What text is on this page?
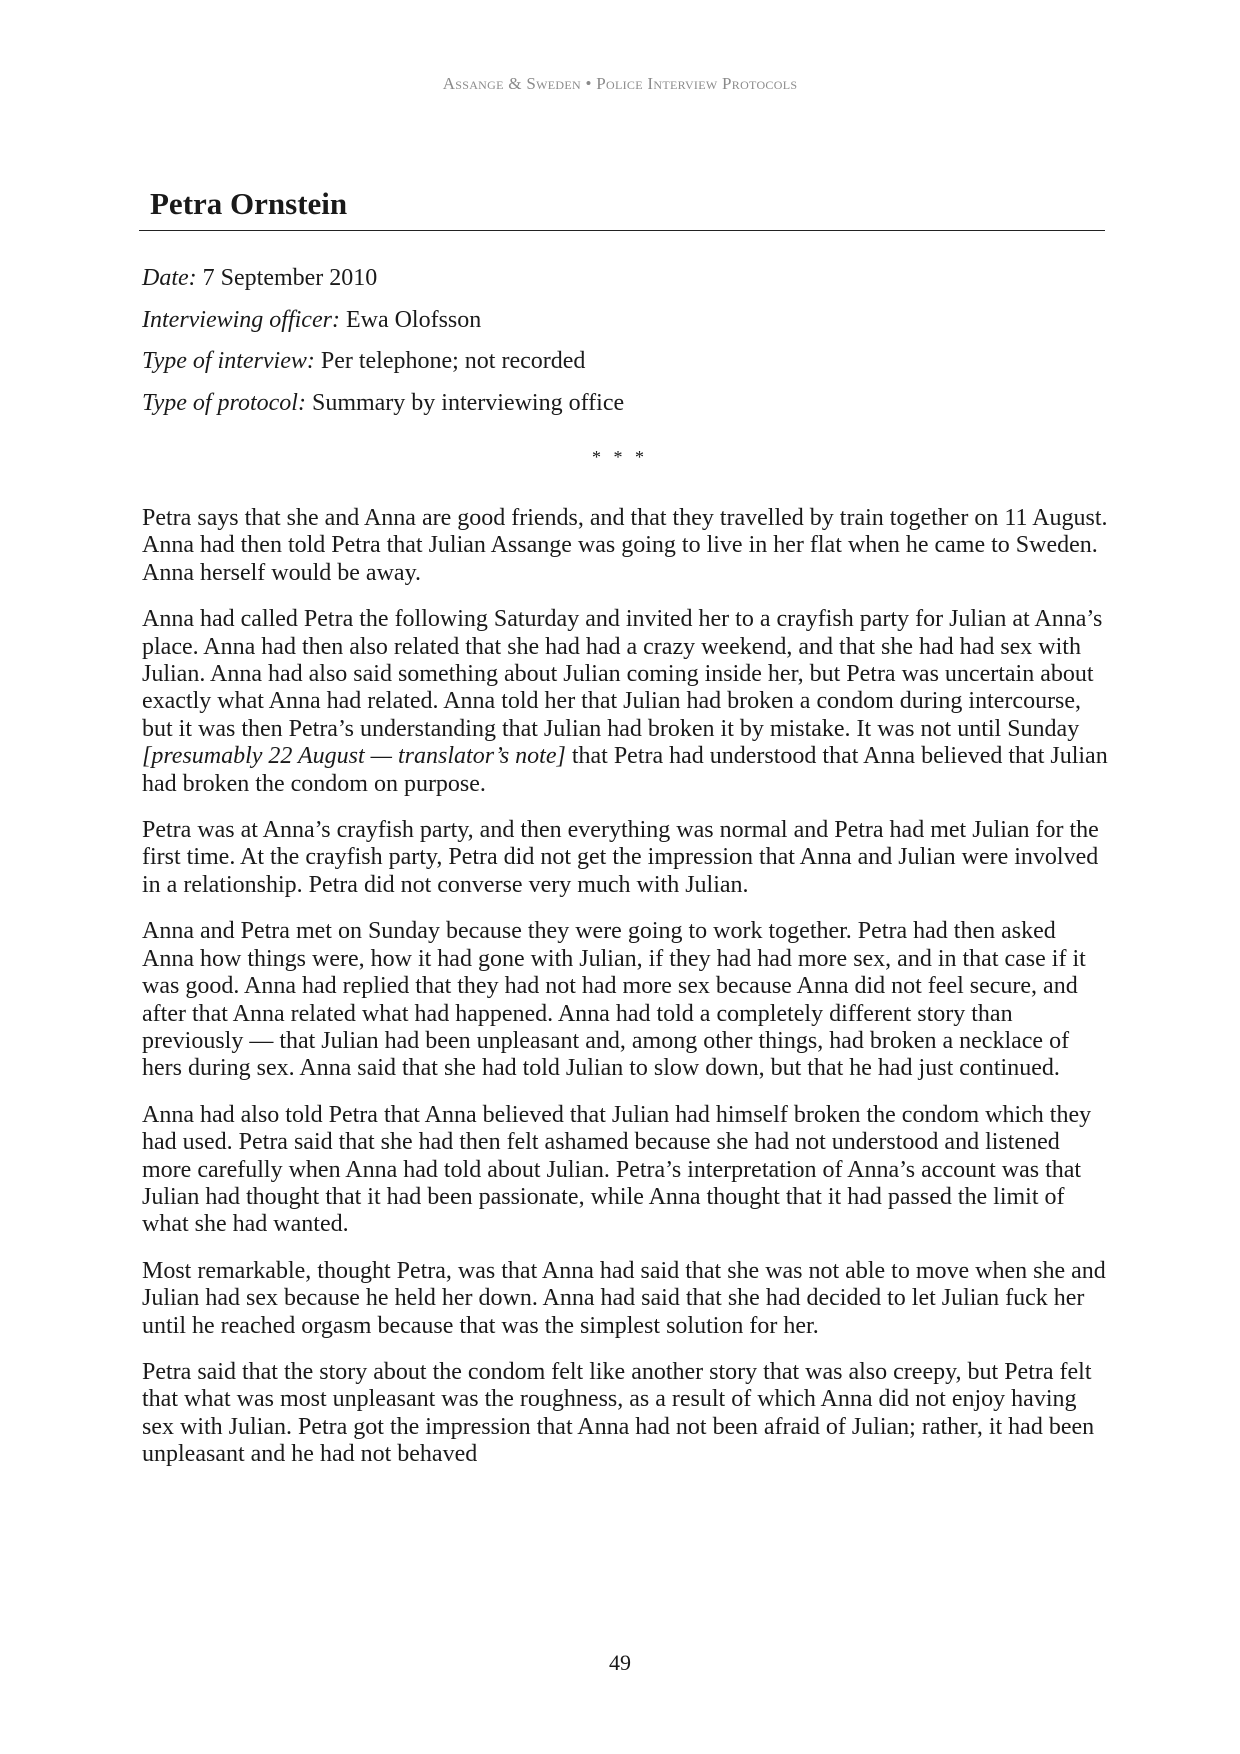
Assange & Sweden • Police Interview Protocols
Petra Ornstein
Date: 7 September 2010
Interviewing officer: Ewa Olofsson
Type of interview: Per telephone; not recorded
Type of protocol: Summary by interviewing office
* * *

Petra says that she and Anna are good friends, and that they travelled by train together on 11 August. Anna had then told Petra that Julian Assange was going to live in her flat when he came to Sweden. Anna herself would be away.

Anna had called Petra the following Saturday and invited her to a crayfish party for Julian at Anna’s place. Anna had then also related that she had had a crazy weekend, and that she had had sex with Julian. Anna had also said something about Julian coming inside her, but Petra was uncertain about exactly what Anna had related. Anna told her that Julian had broken a condom during intercourse, but it was then Petra’s understanding that Julian had broken it by mistake. It was not until Sunday [presumably 22 August — translator’s note] that Petra had understood that Anna believed that Julian had broken the condom on purpose.

Petra was at Anna’s crayfish party, and then everything was normal and Petra had met Julian for the first time. At the crayfish party, Petra did not get the impression that Anna and Julian were involved in a relationship. Petra did not converse very much with Julian.

Anna and Petra met on Sunday because they were going to work together. Petra had then asked Anna how things were, how it had gone with Julian, if they had had more sex, and in that case if it was good. Anna had replied that they had not had more sex because Anna did not feel secure, and after that Anna related what had happened. Anna had told a completely different story than previously — that Julian had been unpleasant and, among other things, had broken a necklace of hers during sex. Anna said that she had told Julian to slow down, but that he had just continued.

Anna had also told Petra that Anna believed that Julian had himself broken the condom which they had used. Petra said that she had then felt ashamed because she had not understood and listened more carefully when Anna had told about Julian. Petra’s interpretation of Anna’s account was that Julian had thought that it had been passionate, while Anna thought that it had passed the limit of what she had wanted.

Most remarkable, thought Petra, was that Anna had said that she was not able to move when she and Julian had sex because he held her down. Anna had said that she had decided to let Julian fuck her until he reached orgasm because that was the simplest solution for her.

Petra said that the story about the condom felt like another story that was also creepy, but Petra felt that what was most unpleasant was the roughness, as a result of which Anna did not enjoy having sex with Julian. Petra got the impression that Anna had not been afraid of Julian; rather, it had been unpleasant and he had not behaved

49
